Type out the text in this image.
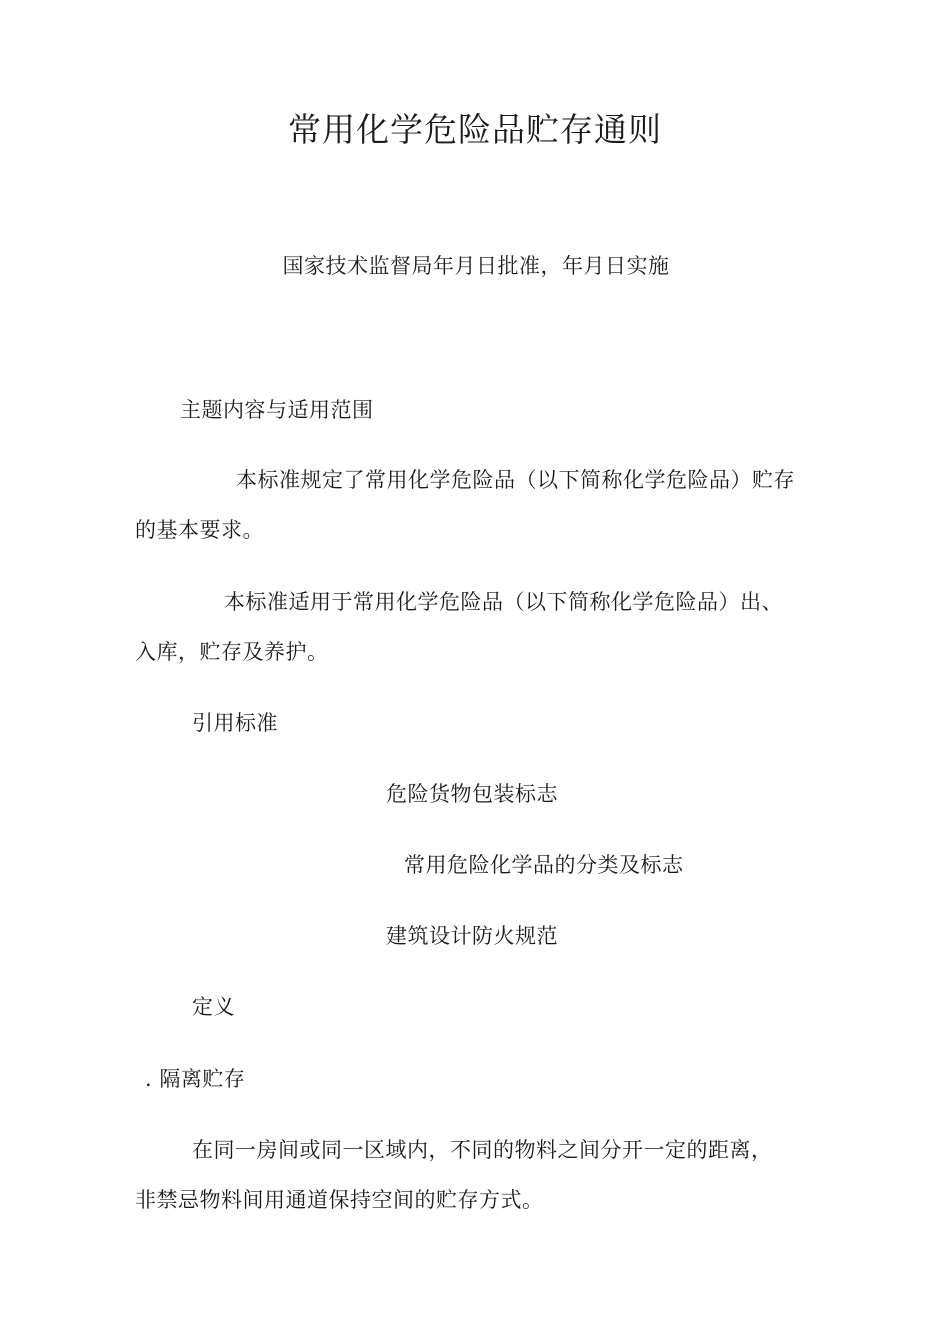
常用化学危险品贮存通则
国家技术监督局年月日批准，年月日实施
主题内容与适用范围
本标准规定了常用化学危险品（以下简称化学危险品）贮存
的基本要求。
本标准适用于常用化学危险品（以下简称化学危险品）出、
入库，贮存及养护。
引用标准
危险货物包装标志
常用危险化学品的分类及标志
建筑设计防火规范
定义
. 隔离贮存
在同一房间或同一区域内，不同的物料之间分开一定的距离，
非禁忌物料间用通道保持空间的贮存方式。
